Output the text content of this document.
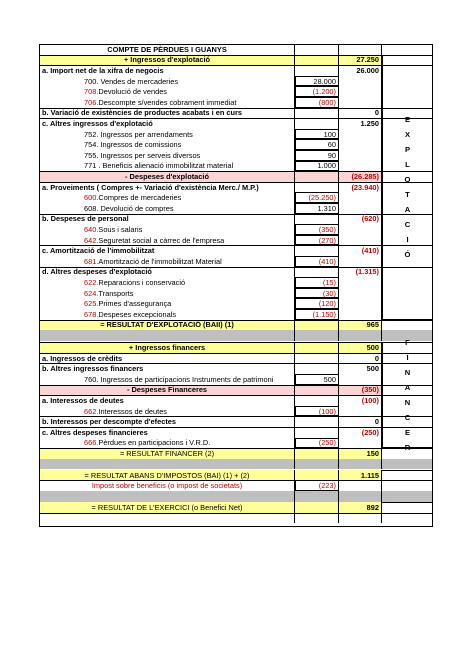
COMPTE DE PÈRDUES I GUANYS
+ Ingressos d'explotació	27.250
a. Import net de la xifra de negocis	26.000
700. Vendes de mercaderies	28.000
708. Devolució de vendes	(1.200)
706. Descompte s/vendes cobrament immediat	(800)
b. Variació de existències de productes acabats i en curs	0
c. Altres ingressos d'explotació	1.250
752. Ingressos per arrendaments	100
754. Ingressos de comissions	60
755. Ingressos per serveis diversos	90
771 . Beneficis alienació immobilitzat material	1.000
- Despeses d'explotació	(26.285)
a. Proveiments ( Compres +- Variació d'existència Merc./ M.P.)	(23.940)
600. Compres de mercaderies	(25.250)
608. Devolució de compres	1.310
b. Despeses de personal	(620)
640. Sous i salaris	(350)
642. Seguretat social a càrrec de l'empresa	(270)
c. Amortització de l'immobilitzat	(410)
681. Amortització de l'immobilitzat Material	(410)
d. Altres despeses d'explotació	(1.315)
622. Reparacions i conservació	(15)
624. Transports	(30)
625. Primes d'assegurança	(120)
678. Despeses excepcionals	(1.150)
= RESULTAT D'EXPLOTACIÓ (BAII) (1)	965
E
X
P
L
O
T
A
C
I
Ó
+ Ingressos financers	500
a. Ingressos de crèdits	0
b. Altres ingressos financers	500
760. Ingressos de participacions Instruments de patrimoni	500
- Despeses Financeres	(350)
a. Interessos de deutes	(100)
662. Interessos de deutes	(100)
b. Interessos per descompte d'efectes	0
c. Altres despeses financieres	(250)
666. Pèrdues en participacions i V.R.D.	(250)
= RESULTAT FINANCER (2)	150
F
I
N
A
N
C
E
R
= RESULTAT ABANS D'IMPOSTOS (BAI) (1) + (2)	1.115
Impost sobre beneficis (o impost de societats)	(223)
= RESULTAT DE L'EXERCICI (o Benefici Net)	892
